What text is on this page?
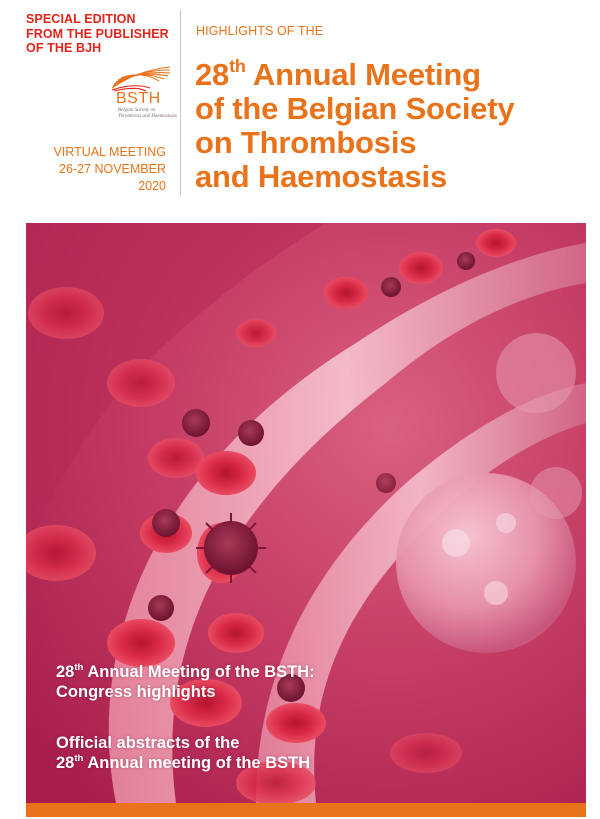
SPECIAL EDITION
FROM THE PUBLISHER
OF THE BJH
BSTH
Belgian Society on Thrombosis and Haemostasis
VIRTUAL MEETING
26-27 NOVEMBER
2020
HIGHLIGHTS OF THE
28th Annual Meeting
of the Belgian Society
on Thrombosis
and Haemostasis
28th Annual Meeting of the BSTH:
Congress highlights
Official abstracts of the
28th Annual meeting of the BSTH
